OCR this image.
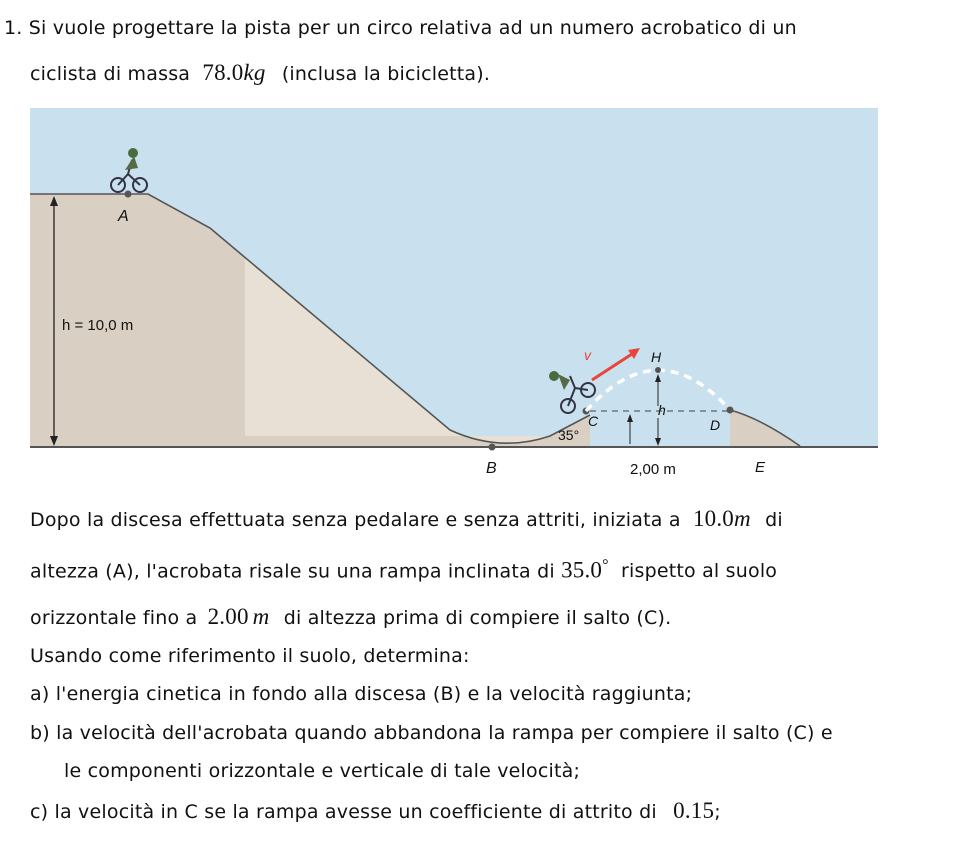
1. Si vuole progettare la pista per un circo relativa ad un numero acrobatico di un
ciclista di massa 78.0kg (inclusa la bicicletta).
h = 10,0 m
A
B
35°
C
v	H
h
D
2,00 m	E
Dopo la discesa effettuata senza pedalare e senza attriti, iniziata a 10.0m di
altezza (A), l'acrobata risale su una rampa inclinata di 35.0° rispetto al suolo
orizzontale fino a 2.00 m di altezza prima di compiere il salto (C).
Usando come riferimento il suolo, determina:
a) l'energia cinetica in fondo alla discesa (B) e la velocità raggiunta;
b) la velocità dell'acrobata quando abbandona la rampa per compiere il salto (C) e
le componenti orizzontale e verticale di tale velocità;
c) la velocità in C se la rampa avesse un coefficiente di attrito di 0.15;
